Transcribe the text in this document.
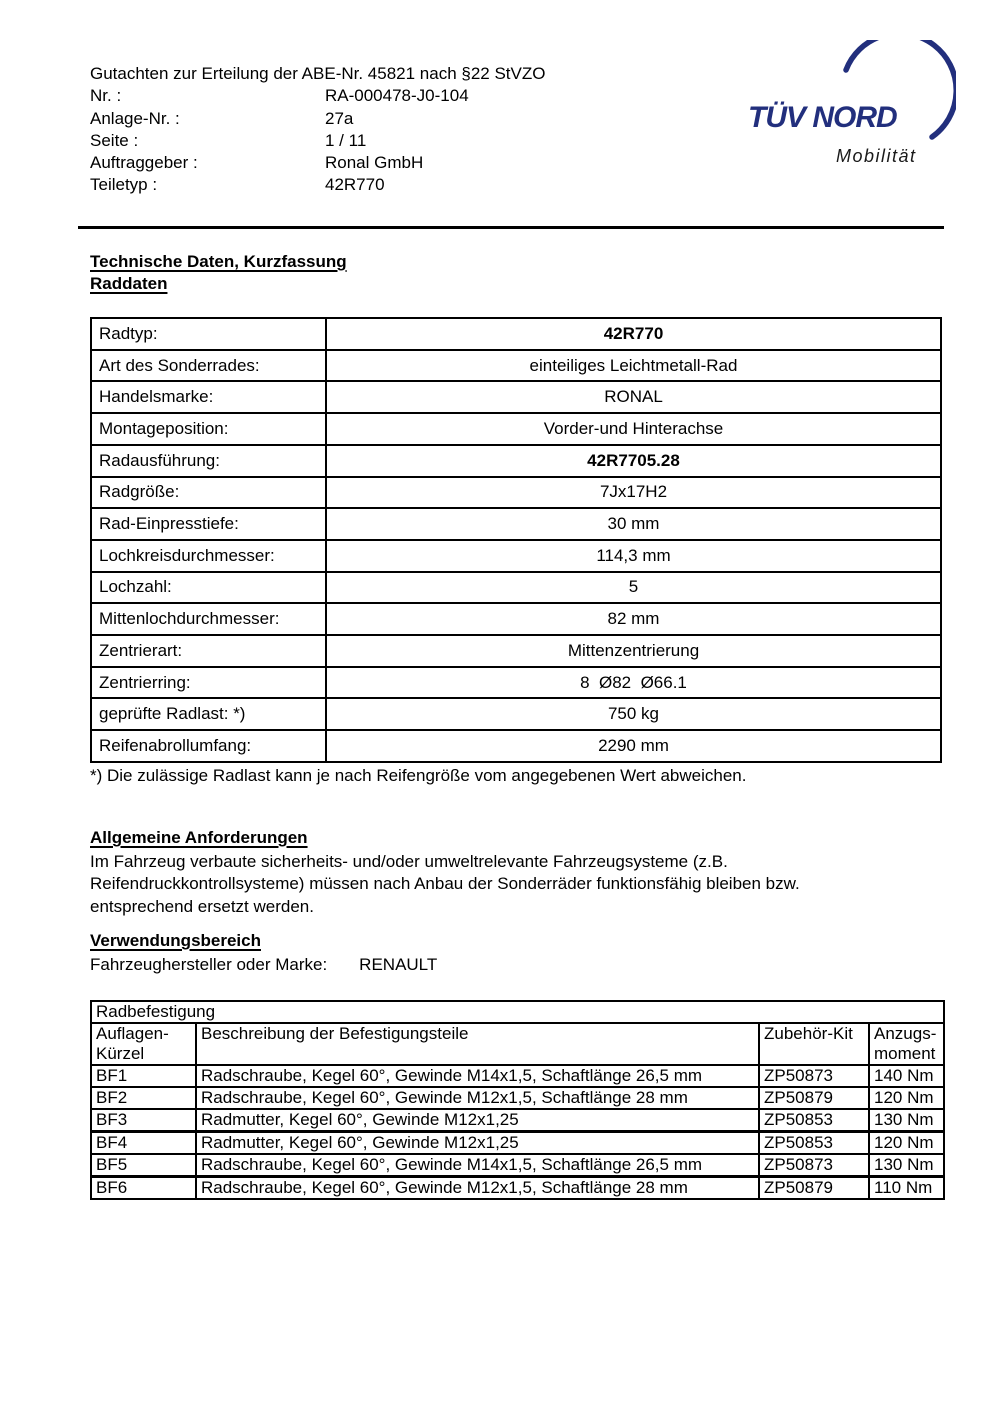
Gutachten zur Erteilung der ABE-Nr. 45821 nach §22 StVZO
Nr. :	RA-000478-J0-104
Anlage-Nr. :	27a
Seite :	1 / 11
Auftraggeber :	Ronal GmbH
Teiletyp :	42R770
TÜV NORD
Mobilität
Technische Daten, Kurzfassung
Raddaten
Radtyp:	42R770
Art des Sonderrades:	einteiliges Leichtmetall-Rad
Handelsmarke:	RONAL
Montageposition:	Vorder-und Hinterachse
Radausführung:	42R7705.28
Radgröße:	7Jx17H2
Rad-Einpresstiefe:	30 mm
Lochkreisdurchmesser:	114,3 mm
Lochzahl:	5
Mittenlochdurchmesser:	82 mm
Zentrierart:	Mittenzentrierung
Zentrierring:	8  Ø82  Ø66.1
geprüfte Radlast: *)	750 kg
Reifenabrollumfang:	2290 mm
*) Die zulässige Radlast kann je nach Reifengröße vom angegebenen Wert abweichen.
Allgemeine Anforderungen
Im Fahrzeug verbaute sicherheits- und/oder umweltrelevante Fahrzeugsysteme (z.B. Reifendruckkontrollsysteme) müssen nach Anbau der Sonderräder funktionsfähig bleiben bzw. entsprechend ersetzt werden.
Verwendungsbereich
Fahrzeughersteller oder Marke: RENAULT
Radbefestigung			
Auflagen-Kürzel	Beschreibung der Befestigungsteile	Zubehör-Kit	Anzugs-moment
BF1	Radschraube, Kegel 60°, Gewinde M14x1,5, Schaftlänge 26,5 mm	ZP50873	140 Nm
BF2	Radschraube, Kegel 60°, Gewinde M12x1,5, Schaftlänge 28 mm	ZP50879	120 Nm
BF3	Radmutter, Kegel 60°, Gewinde M12x1,25	ZP50853	130 Nm
BF4	Radmutter, Kegel 60°, Gewinde M12x1,25	ZP50853	120 Nm
BF5	Radschraube, Kegel 60°, Gewinde M14x1,5, Schaftlänge 26,5 mm	ZP50873	130 Nm
BF6	Radschraube, Kegel 60°, Gewinde M12x1,5, Schaftlänge 28 mm	ZP50879	110 Nm
